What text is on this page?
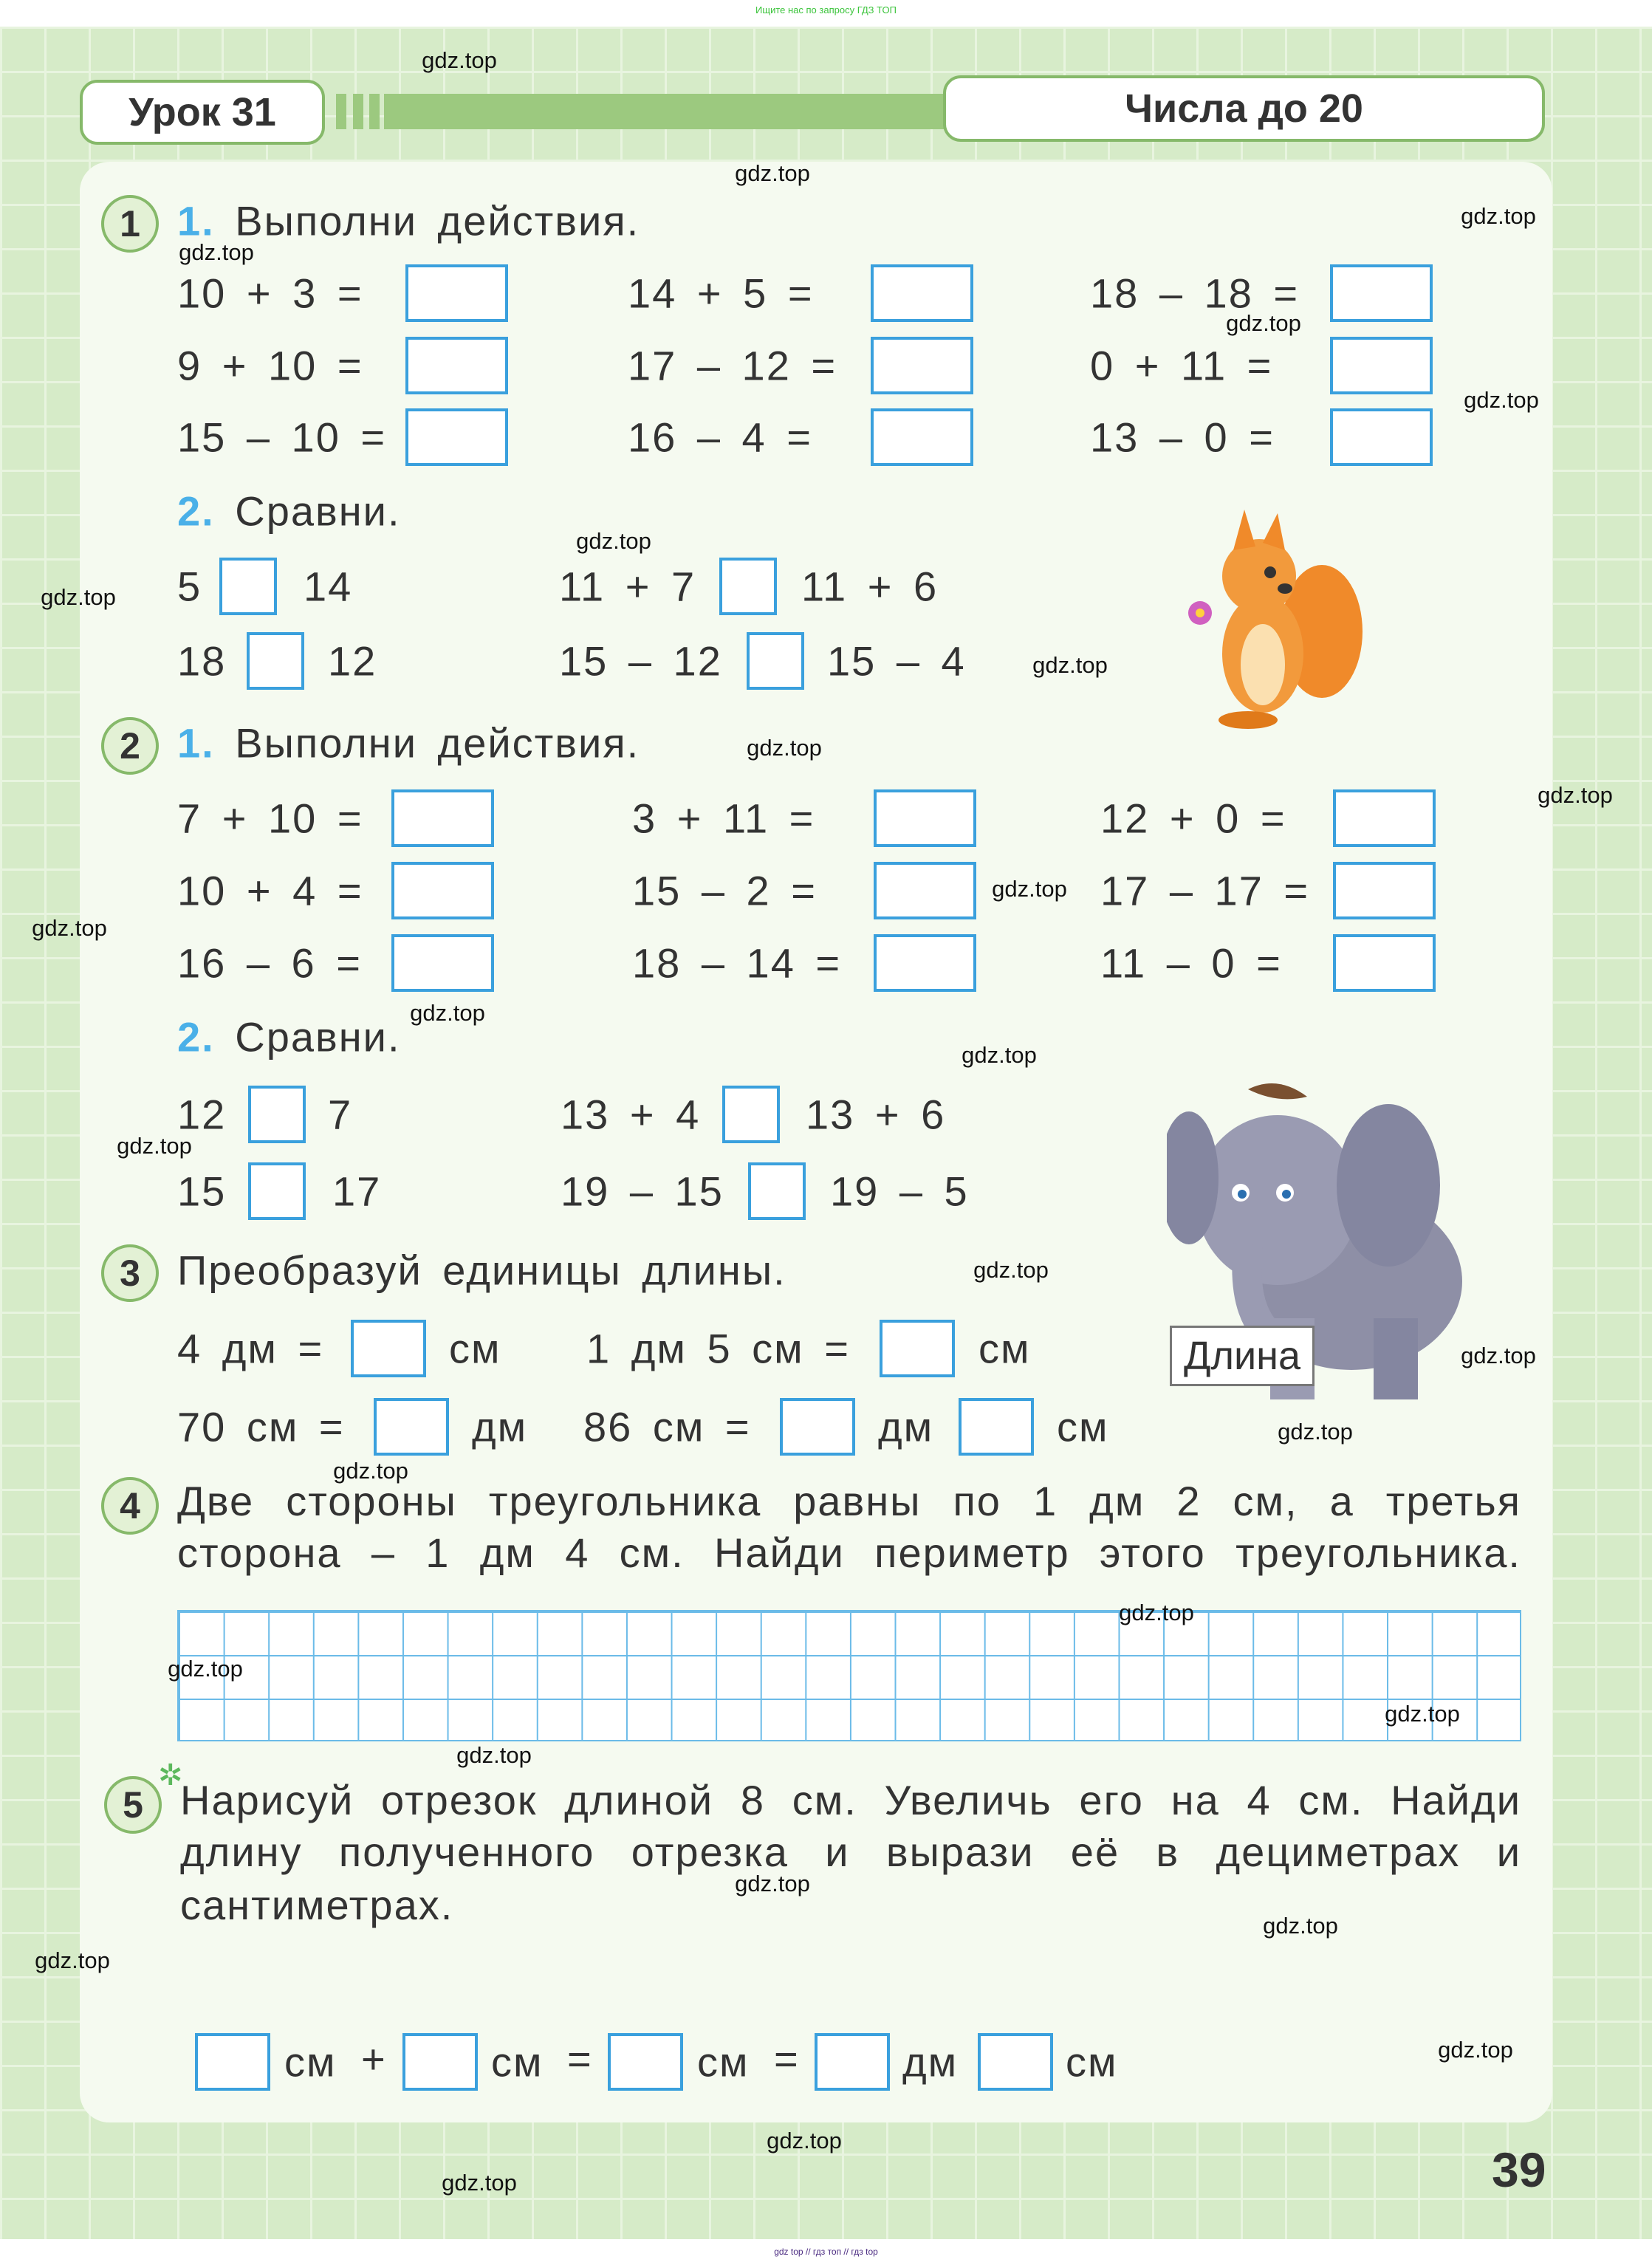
Ищите нас по запросу ГДЗ ТОП
gdz top // гдз топ // гдз top
Урок 31	Числа до 20
1 1. Выполни действия.
10 + 3 =	14 + 5 =	18 – 18 =
9 + 10 =	17 – 12 =	0 + 11 =
15 – 10 =	16 – 4 =	13 – 0 =
2. Сравни.
5 14	11 + 7	11 + 6
18 12	15 – 12	15 – 4
2 1. Выполни действия.
7 + 10 =	3 + 11 =	12 + 0 =
10 + 4 =	15 – 2 =	17 – 17 =
16 – 6 =	18 – 14 =	11 – 0 =
2. Сравни.
12 7	13 + 4	13 + 6
15	17	19 – 15	19 – 5
Длина
3 Преобразуй единицы длины.
4 дм =	см 1 дм 5 см =	см
70 см =	дм 86 см =	дм	см
4 Две стороны треугольника равны по 1 дм 2 см, а третья
сторона – 1 дм 4 см. Найди периметр этого треугольника.
5
✲
Нарисуй отрезок длиной 8 см. Увеличь его на 4 см. Найди
длину полученного отрезка и вырази её в дециметрах и
сантиметрах.
см +	см =	см = дм	см
39
gdz.top
gdz.top
gdz.top
gdz.top
gdz.top
gdz.top
gdz.top
gdz.top
gdz.top
gdz.top
gdz.top
gdz.top
gdz.top
gdz.top
gdz.top
gdz.top
gdz.top
gdz.top
gdz.top
gdz.top
gdz.top
gdz.top
gdz.top
gdz.top
gdz.top
gdz.top
gdz.top
gdz.top
gdz.top
gdz.top
